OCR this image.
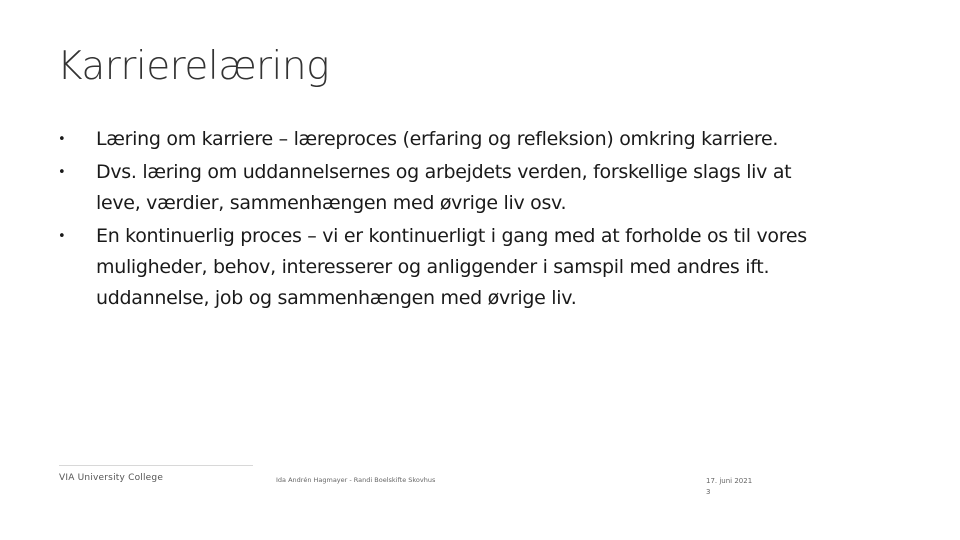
Karrierelæring
• Læring om karriere – læreproces (erfaring og refleksion) omkring karriere.
• Dvs. læring om uddannelsernes og arbejdets verden, forskellige slags liv at leve, værdier, sammenhængen med øvrige liv osv.
• En kontinuerlig proces – vi er kontinuerligt i gang med at forholde os til vores muligheder, behov, interesserer og anliggender i samspil med andres ift. uddannelse, job og sammenhængen med øvrige liv.
VIA University College	Ida Andrén Hagmayer - Randi Boelskifte Skovhus	17. juni 2021
3
